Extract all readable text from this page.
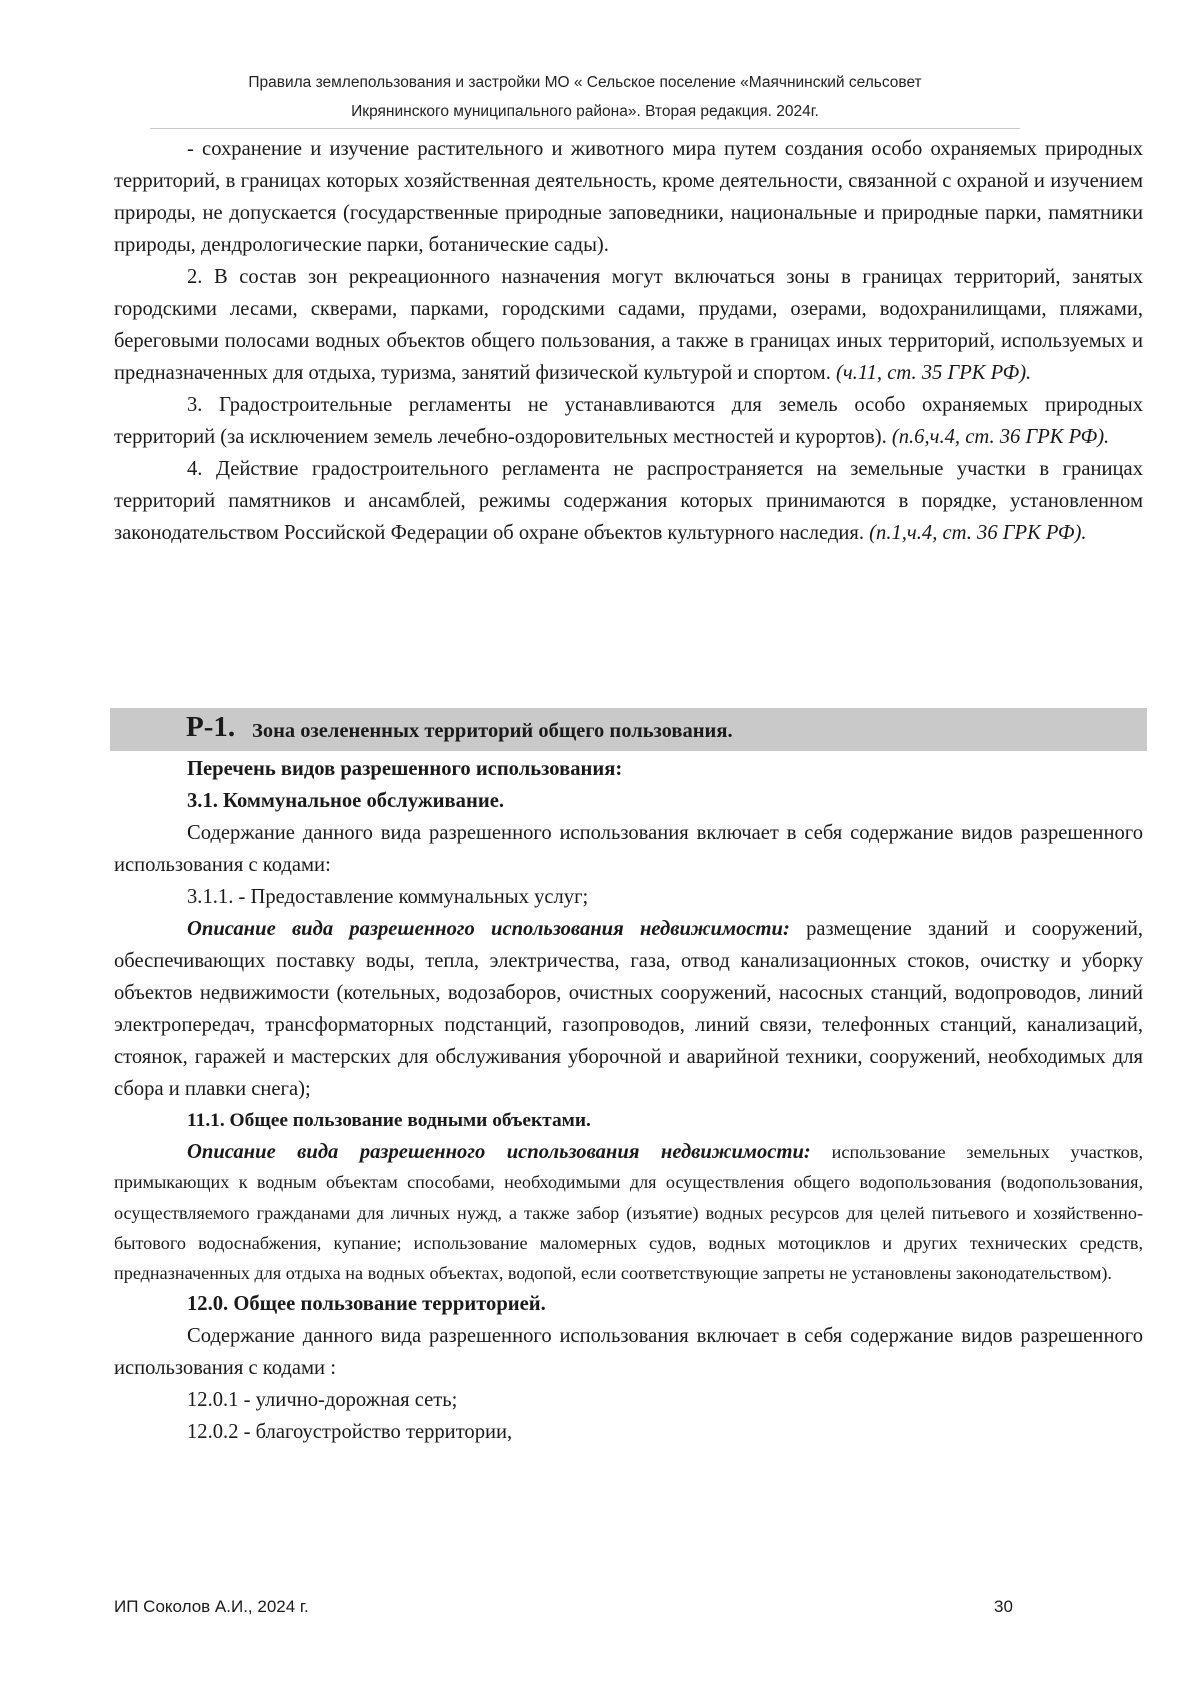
Правила землепользования и застройки МО « Сельское поселение «Маячнинский сельсовет
Икрянинского муниципального района». Вторая редакция. 2024г.

- сохранение и изучение растительного и животного мира путем создания особо охраняемых природных территорий, в границах которых хозяйственная деятельность, кроме деятельности, связанной с охраной и изучением природы, не допускается (государственные природные заповедники, национальные и природные парки, памятники природы, дендрологические парки, ботанические сады).

2. В состав зон рекреационного назначения могут включаться зоны в границах территорий, занятых городскими лесами, скверами, парками, городскими садами, прудами, озерами, водохранилищами, пляжами, береговыми полосами водных объектов общего пользования, а также в границах иных территорий, используемых и предназначенных для отдыха, туризма, занятий физической культурой и спортом. (ч.11, ст. 35 ГРК РФ).

3. Градостроительные регламенты не устанавливаются для земель особо охраняемых природных территорий (за исключением земель лечебно-оздоровительных местностей и курортов). (п.6,ч.4, ст. 36 ГРК РФ).

4. Действие градостроительного регламента не распространяется на земельные участки в границах территорий памятников и ансамблей, режимы содержания которых принимаются в порядке, установленном законодательством Российской Федерации об охране объектов культурного наследия. (п.1,ч.4, ст. 36 ГРК РФ).

Р-1. Зона озелененных территорий общего пользования.

Перечень видов разрешенного использования:

3.1. Коммунальное обслуживание.

Содержание данного вида разрешенного использования включает в себя содержание видов разрешенного использования с кодами:

3.1.1. - Предоставление коммунальных услуг;

Описание вида разрешенного использования недвижимости: размещение зданий и сооружений, обеспечивающих поставку воды, тепла, электричества, газа, отвод канализационных стоков, очистку и уборку объектов недвижимости (котельных, водозаборов, очистных сооружений, насосных станций, водопроводов, линий электропередач, трансформаторных подстанций, газопроводов, линий связи, телефонных станций, канализаций, стоянок, гаражей и мастерских для обслуживания уборочной и аварийной техники, сооружений, необходимых для сбора и плавки снега);

11.1. Общее пользование водными объектами.

Описание вида разрешенного использования недвижимости: использование земельных участков, примыкающих к водным объектам способами, необходимыми для осуществления общего водопользования (водопользования, осуществляемого гражданами для личных нужд, а также забор (изъятие) водных ресурсов для целей питьевого и хозяйственно-бытового водоснабжения, купание; использование маломерных судов, водных мотоциклов и других технических средств, предназначенных для отдыха на водных объектах, водопой, если соответствующие запреты не установлены законодательством).

12.0. Общее пользование территорией.

Содержание данного вида разрешенного использования включает в себя содержание видов разрешенного использования с кодами :

12.0.1 - улично-дорожная сеть;

12.0.2 - благоустройство территории,

ИП Соколов А.И., 2024 г.	30
